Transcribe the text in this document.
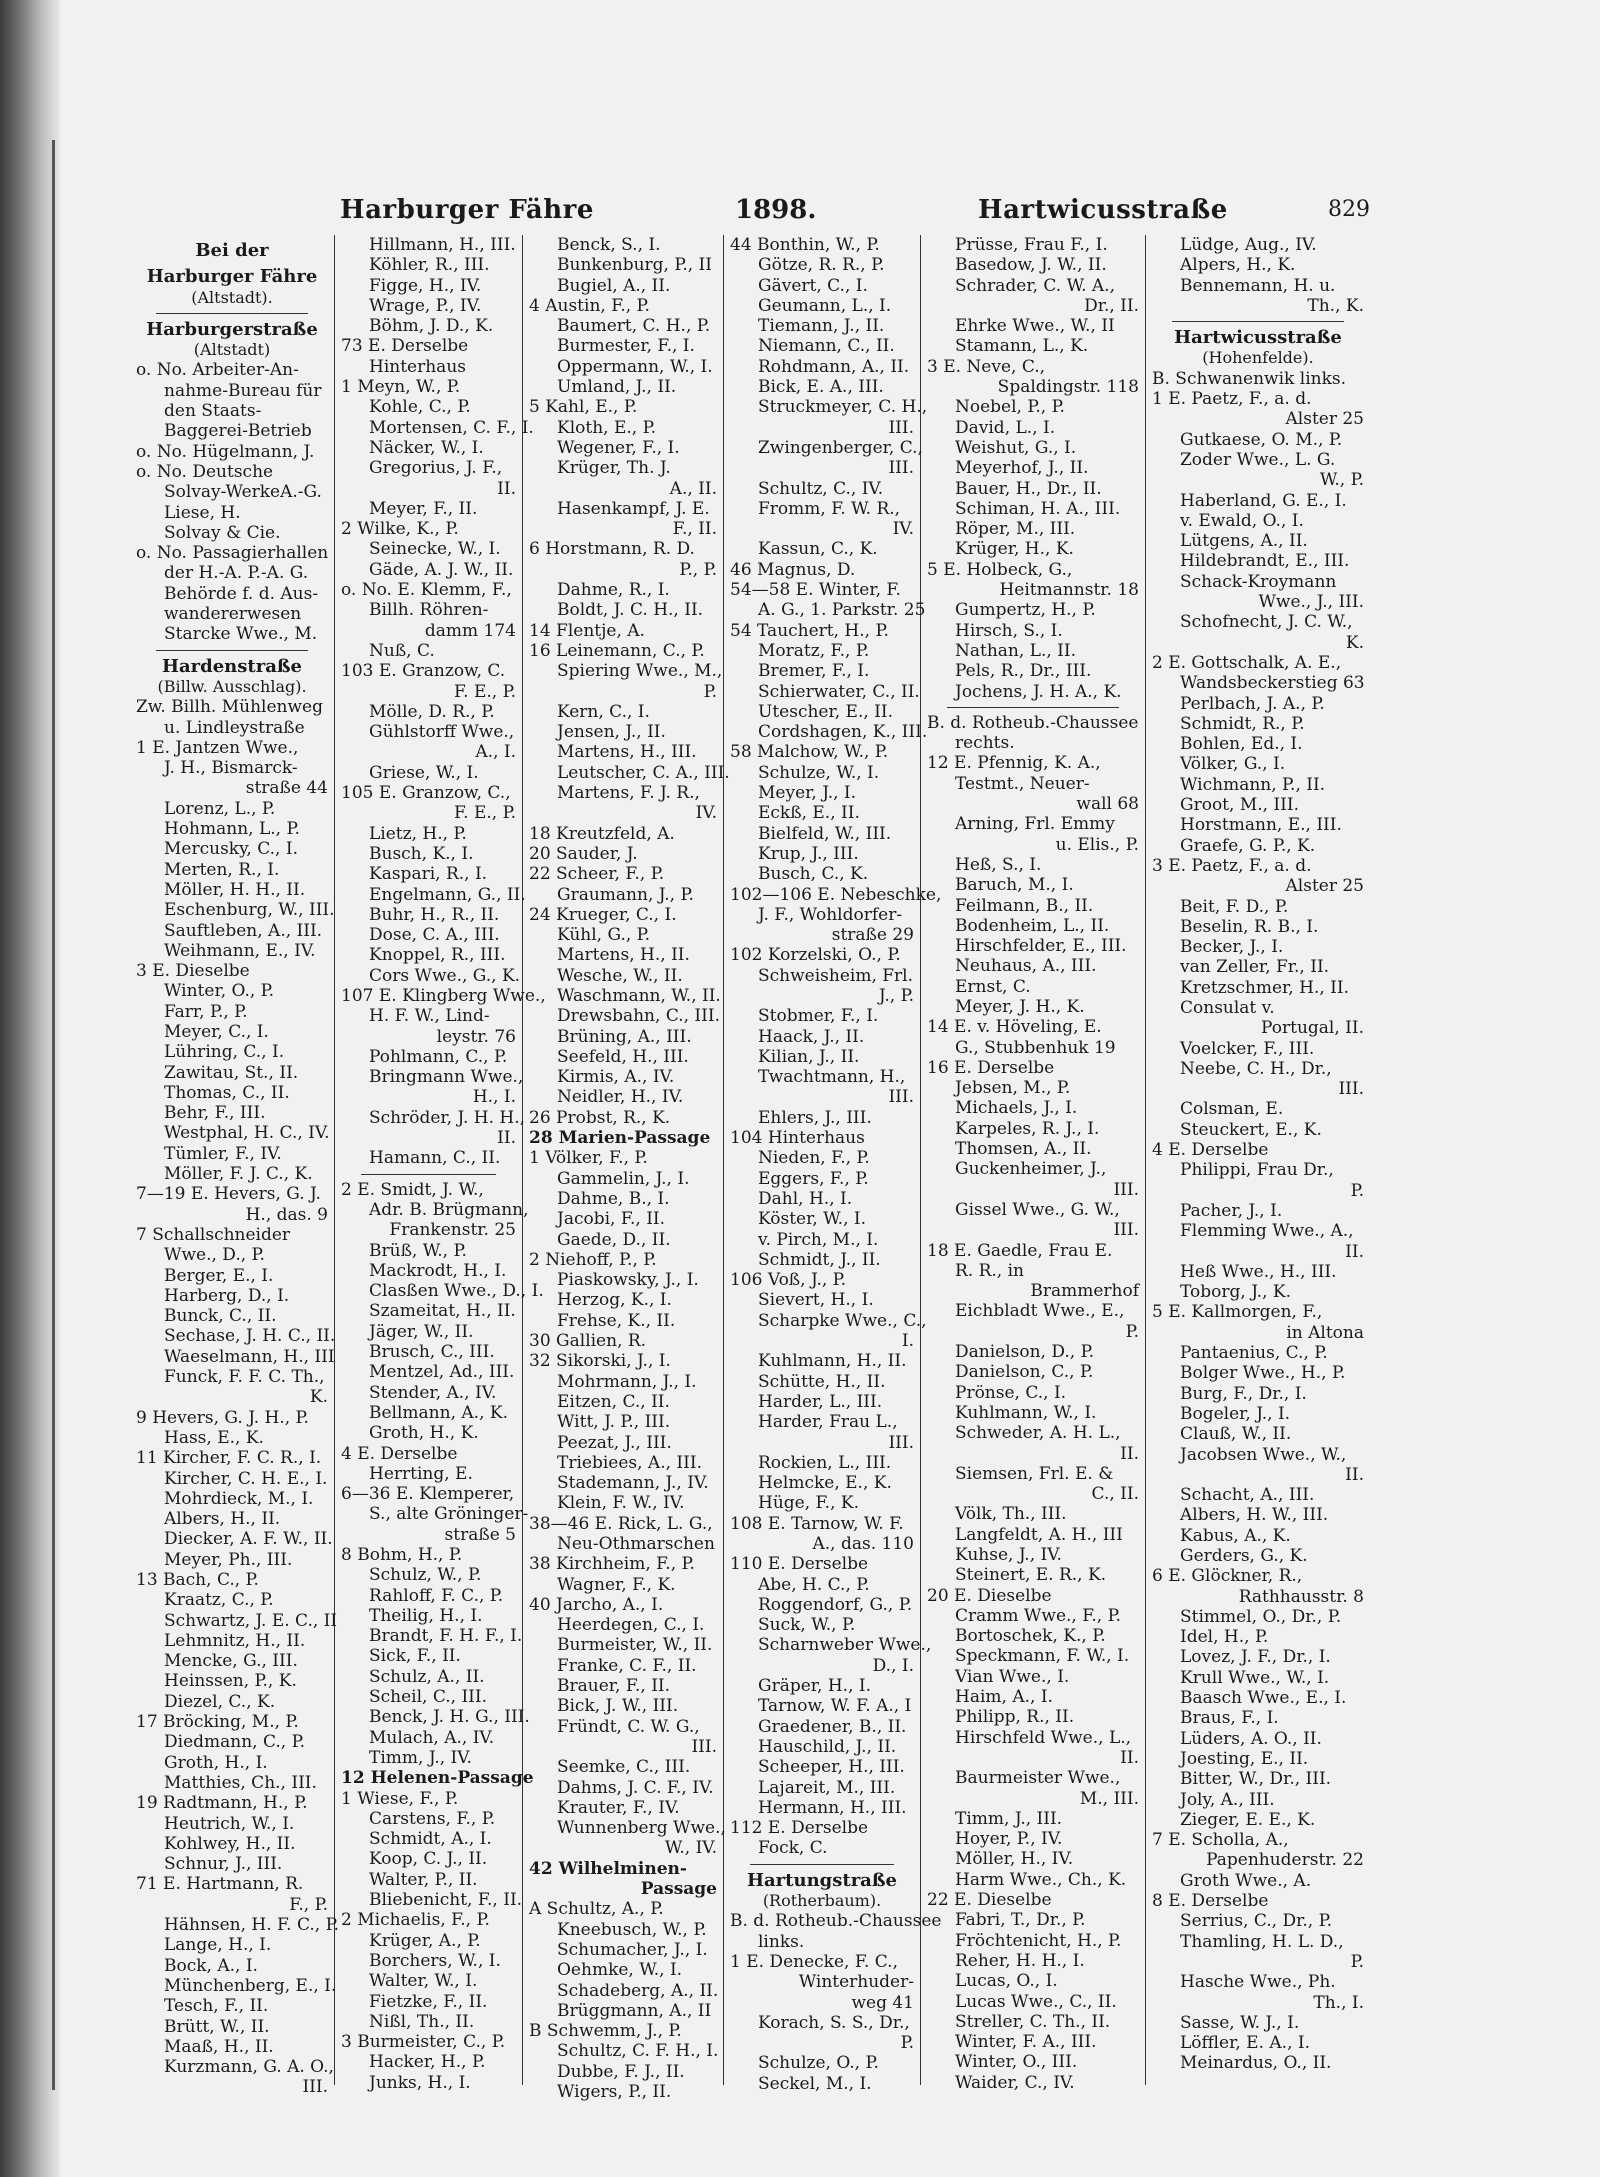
Harburger Fähre	1898.	Hartwicusstraße	829
Bei der
Harburger Fähre
(Altstadt).
Harburgerstraße
(Altstadt)
o. No. Arbeiter-An-
nahme-Bureau für
den Staats-
Baggerei-Betrieb
o. No. Hügelmann, J.
o. No. Deutsche
Solvay-WerkeA.-G.
Liese, H.
Solvay & Cie.
o. No. Passagierhallen
der H.-A. P.-A. G.
Behörde f. d. Aus-
wandererwesen
Starcke Wwe., M.
Hardenstraße
(Billw. Ausschlag).
Zw. Billh. Mühlenweg
u. Lindleystraße
1 E. Jantzen Wwe.,
J. H., Bismarck-
straße 44
Lorenz, L., P.
Hohmann, L., P.
Mercusky, C., I.
Merten, R., I.
Möller, H. H., II.
Eschenburg, W., III.
Sauftleben, A., III.
Weihmann, E., IV.
3 E. Dieselbe
Winter, O., P.
Farr, P., P.
Meyer, C., I.
Lühring, C., I.
Zawitau, St., II.
Thomas, C., II.
Behr, F., III.
Westphal, H. C., IV.
Tümler, F., IV.
Möller, F. J. C., K.
7—19 E. Hevers, G. J.
H., das. 9
7 Schallschneider
Wwe., D., P.
Berger, E., I.
Harberg, D., I.
Bunck, C., II.
Sechase, J. H. C., II.
Waeselmann, H., III
Funck, F. F. C. Th.,
K.
9 Hevers, G. J. H., P.
Hass, E., K.
11 Kircher, F. C. R., I.
Kircher, C. H. E., I.
Mohrdieck, M., I.
Albers, H., II.
Diecker, A. F. W., II.
Meyer, Ph., III.
13 Bach, C., P.
Kraatz, C., P.
Schwartz, J. E. C., II
Lehmnitz, H., II.
Mencke, G., III.
Heinssen, P., K.
Diezel, C., K.
17 Bröcking, M., P.
Diedmann, C., P.
Groth, H., I.
Matthies, Ch., III.
19 Radtmann, H., P.
Heutrich, W., I.
Kohlwey, H., II.
Schnur, J., III.
71 E. Hartmann, R.
F., P.
Hähnsen, H. F. C., P.
Lange, H., I.
Bock, A., I.
Münchenberg, E., I.
Tesch, F., II.
Brütt, W., II.
Maaß, H., II.
Kurzmann, G. A. O.,
III.
Hillmann, H., III.
Köhler, R., III.
Figge, H., IV.
Wrage, P., IV.
Böhm, J. D., K.
73 E. Derselbe
Hinterhaus
1 Meyn, W., P.
Kohle, C., P.
Mortensen, C. F., I.
Näcker, W., I.
Gregorius, J. F.,
II.
Meyer, F., II.
2 Wilke, K., P.
Seinecke, W., I.
Gäde, A. J. W., II.
o. No. E. Klemm, F.,
Billh. Röhren-
damm 174
Nuß, C.
103 E. Granzow, C.
F. E., P.
Mölle, D. R., P.
Gühlstorff Wwe.,
A., I.
Griese, W., I.
105 E. Granzow, C.,
F. E., P.
Lietz, H., P.
Busch, K., I.
Kaspari, R., I.
Engelmann, G., II.
Buhr, H., R., II.
Dose, C. A., III.
Knoppel, R., III.
Cors Wwe., G., K.
107 E. Klingberg Wwe.,
H. F. W., Lind-
leystr. 76
Pohlmann, C., P.
Bringmann Wwe.,
H., I.
Schröder, J. H. H.,
II.
Hamann, C., II.
2 E. Smidt, J. W.,
Adr. B. Brügmann,
Frankenstr. 25
Brüß, W., P.
Mackrodt, H., I.
Clasßen Wwe., D., I.
Szameitat, H., II.
Jäger, W., II.
Brusch, C., III.
Mentzel, Ad., III.
Stender, A., IV.
Bellmann, A., K.
Groth, H., K.
4 E. Derselbe
Herrting, E.
6—36 E. Klemperer,
S., alte Gröninger-
straße 5
8 Bohm, H., P.
Schulz, W., P.
Rahloff, F. C., P.
Theilig, H., I.
Brandt, F. H. F., I.
Sick, F., II.
Schulz, A., II.
Scheil, C., III.
Benck, J. H. G., III.
Mulach, A., IV.
Timm, J., IV.
12 Helenen-Passage
1 Wiese, F., P.
Carstens, F., P.
Schmidt, A., I.
Koop, C. J., II.
Walter, P., II.
Bliebenicht, F., II.
2 Michaelis, F., P.
Krüger, A., P.
Borchers, W., I.
Walter, W., I.
Fietzke, F., II.
Nißl, Th., II.
3 Burmeister, C., P.
Hacker, H., P.
Junks, H., I.
Benck, S., I.
Bunkenburg, P., II
Bugiel, A., II.
4 Austin, F., P.
Baumert, C. H., P.
Burmester, F., I.
Oppermann, W., I.
Umland, J., II.
5 Kahl, E., P.
Kloth, E., P.
Wegener, F., I.
Krüger, Th. J.
A., II.
Hasenkampf, J. E.
F., II.
6 Horstmann, R. D.
P., P.
Dahme, R., I.
Boldt, J. C. H., II.
14 Flentje, A.
16 Leinemann, C., P.
Spiering Wwe., M.,
P.
Kern, C., I.
Jensen, J., II.
Martens, H., III.
Leutscher, C. A., III.
Martens, F. J. R.,
IV.
18 Kreutzfeld, A.
20 Sauder, J.
22 Scheer, F., P.
Graumann, J., P.
24 Krueger, C., I.
Kühl, G., P.
Martens, H., II.
Wesche, W., II.
Waschmann, W., II.
Drewsbahn, C., III.
Brüning, A., III.
Seefeld, H., III.
Kirmis, A., IV.
Neidler, H., IV.
26 Probst, R., K.
28 Marien-Passage
1 Völker, F., P.
Gammelin, J., I.
Dahme, B., I.
Jacobi, F., II.
Gaede, D., II.
2 Niehoff, P., P.
Piaskowsky, J., I.
Herzog, K., I.
Frehse, K., II.
30 Gallien, R.
32 Sikorski, J., I.
Mohrmann, J., I.
Eitzen, C., II.
Witt, J. P., III.
Peezat, J., III.
Triebiees, A., III.
Stademann, J., IV.
Klein, F. W., IV.
38—46 E. Rick, L. G.,
Neu-Othmarschen
38 Kirchheim, F., P.
Wagner, F., K.
40 Jarcho, A., I.
Heerdegen, C., I.
Burmeister, W., II.
Franke, C. F., II.
Brauer, F., II.
Bick, J. W., III.
Fründt, C. W. G.,
III.
Seemke, C., III.
Dahms, J. C. F., IV.
Krauter, F., IV.
Wunnenberg Wwe.,
W., IV.
42 Wilhelminen-
Passage
A Schultz, A., P.
Kneebusch, W., P.
Schumacher, J., I.
Oehmke, W., I.
Schadeberg, A., II.
Brüggmann, A., II
B Schwemm, J., P.
Schultz, C. F. H., I.
Dubbe, F. J., II.
Wigers, P., II.
44 Bonthin, W., P.
Götze, R. R., P.
Gävert, C., I.
Geumann, L., I.
Tiemann, J., II.
Niemann, C., II.
Rohdmann, A., II.
Bick, E. A., III.
Struckmeyer, C. H.,
III.
Zwingenberger, C.,
III.
Schultz, C., IV.
Fromm, F. W. R.,
IV.
Kassun, C., K.
46 Magnus, D.
54—58 E. Winter, F.
A. G., 1. Parkstr. 25
54 Tauchert, H., P.
Moratz, F., P.
Bremer, F., I.
Schierwater, C., II.
Utescher, E., II.
Cordshagen, K., III.
58 Malchow, W., P.
Schulze, W., I.
Meyer, J., I.
Eckß, E., II.
Bielfeld, W., III.
Krup, J., III.
Busch, C., K.
102—106 E. Nebeschke,
J. F., Wohldorfer-
straße 29
102 Korzelski, O., P.
Schweisheim, Frl.
J., P.
Stobmer, F., I.
Haack, J., II.
Kilian, J., II.
Twachtmann, H.,
III.
Ehlers, J., III.
104 Hinterhaus
Nieden, F., P.
Eggers, F., P.
Dahl, H., I.
Köster, W., I.
v. Pirch, M., I.
Schmidt, J., II.
106 Voß, J., P.
Sievert, H., I.
Scharpke Wwe., C.,
I.
Kuhlmann, H., II.
Schütte, H., II.
Harder, L., III.
Harder, Frau L.,
III.
Rockien, L., III.
Helmcke, E., K.
Hüge, F., K.
108 E. Tarnow, W. F.
A., das. 110
110 E. Derselbe
Abe, H. C., P.
Roggendorf, G., P.
Suck, W., P.
Scharnweber Wwe.,
D., I.
Gräper, H., I.
Tarnow, W. F. A., I
Graedener, B., II.
Hauschild, J., II.
Scheeper, H., III.
Lajareit, M., III.
Hermann, H., III.
112 E. Derselbe
Fock, C.
Hartungstraße
(Rotherbaum).
B. d. Rotheub.-Chaussee
links.
1 E. Denecke, F. C.,
Winterhuder-
weg 41
Korach, S. S., Dr.,
P.
Schulze, O., P.
Seckel, M., I.
Prüsse, Frau F., I.
Basedow, J. W., II.
Schrader, C. W. A.,
Dr., II.
Ehrke Wwe., W., II
Stamann, L., K.
3 E. Neve, C.,
Spaldingstr. 118
Noebel, P., P.
David, L., I.
Weishut, G., I.
Meyerhof, J., II.
Bauer, H., Dr., II.
Schiman, H. A., III.
Röper, M., III.
Krüger, H., K.
5 E. Holbeck, G.,
Heitmannstr. 18
Gumpertz, H., P.
Hirsch, S., I.
Nathan, L., II.
Pels, R., Dr., III.
Jochens, J. H. A., K.
B. d. Rotheub.-Chaussee
rechts.
12 E. Pfennig, K. A.,
Testmt., Neuer-
wall 68
Arning, Frl. Emmy
u. Elis., P.
Heß, S., I.
Baruch, M., I.
Feilmann, B., II.
Bodenheim, L., II.
Hirschfelder, E., III.
Neuhaus, A., III.
Ernst, C.
Meyer, J. H., K.
14 E. v. Höveling, E.
G., Stubbenhuk 19
16 E. Derselbe
Jebsen, M., P.
Michaels, J., I.
Karpeles, R. J., I.
Thomsen, A., II.
Guckenheimer, J.,
III.
Gissel Wwe., G. W.,
III.
18 E. Gaedle, Frau E.
R. R., in
Brammerhof
Eichbladt Wwe., E.,
P.
Danielson, D., P.
Danielson, C., P.
Prönse, C., I.
Kuhlmann, W., I.
Schweder, A. H. L.,
II.
Siemsen, Frl. E. &
C., II.
Völk, Th., III.
Langfeldt, A. H., III
Kuhse, J., IV.
Steinert, E. R., K.
20 E. Dieselbe
Cramm Wwe., F., P.
Bortoschek, K., P.
Speckmann, F. W., I.
Vian Wwe., I.
Haim, A., I.
Philipp, R., II.
Hirschfeld Wwe., L.,
II.
Baurmeister Wwe.,
M., III.
Timm, J., III.
Hoyer, P., IV.
Möller, H., IV.
Harm Wwe., Ch., K.
22 E. Dieselbe
Fabri, T., Dr., P.
Fröchtenicht, H., P.
Reher, H. H., I.
Lucas, O., I.
Lucas Wwe., C., II.
Streller, C. Th., II.
Winter, F. A., III.
Winter, O., III.
Waider, C., IV.
Lüdge, Aug., IV.
Alpers, H., K.
Bennemann, H. u.
Th., K.
Hartwicusstraße
(Hohenfelde).
B. Schwanenwik links.
1 E. Paetz, F., a. d.
Alster 25
Gutkaese, O. M., P.
Zoder Wwe., L. G.
W., P.
Haberland, G. E., I.
v. Ewald, O., I.
Lütgens, A., II.
Hildebrandt, E., III.
Schack-Kroymann
Wwe., J., III.
Schofnecht, J. C. W.,
K.
2 E. Gottschalk, A. E.,
Wandsbeckerstieg 63
Perlbach, J. A., P.
Schmidt, R., P.
Bohlen, Ed., I.
Völker, G., I.
Wichmann, P., II.
Groot, M., III.
Horstmann, E., III.
Graefe, G. P., K.
3 E. Paetz, F., a. d.
Alster 25
Beit, F. D., P.
Beselin, R. B., I.
Becker, J., I.
van Zeller, Fr., II.
Kretzschmer, H., II.
Consulat v.
Portugal, II.
Voelcker, F., III.
Neebe, C. H., Dr.,
III.
Colsman, E.
Steuckert, E., K.
4 E. Derselbe
Philippi, Frau Dr.,
P.
Pacher, J., I.
Flemming Wwe., A.,
II.
Heß Wwe., H., III.
Toborg, J., K.
5 E. Kallmorgen, F.,
in Altona
Pantaenius, C., P.
Bolger Wwe., H., P.
Burg, F., Dr., I.
Bogeler, J., I.
Clauß, W., II.
Jacobsen Wwe., W.,
II.
Schacht, A., III.
Albers, H. W., III.
Kabus, A., K.
Gerders, G., K.
6 E. Glöckner, R.,
Rathhausstr. 8
Stimmel, O., Dr., P.
Idel, H., P.
Lovez, J. F., Dr., I.
Krull Wwe., W., I.
Baasch Wwe., E., I.
Braus, F., I.
Lüders, A. O., II.
Joesting, E., II.
Bitter, W., Dr., III.
Joly, A., III.
Zieger, E. E., K.
7 E. Scholla, A.,
Papenhuderstr. 22
Groth Wwe., A.
8 E. Derselbe
Serrius, C., Dr., P.
Thamling, H. L. D.,
P.
Hasche Wwe., Ph.
Th., I.
Sasse, W. J., I.
Löffler, E. A., I.
Meinardus, O., II.
